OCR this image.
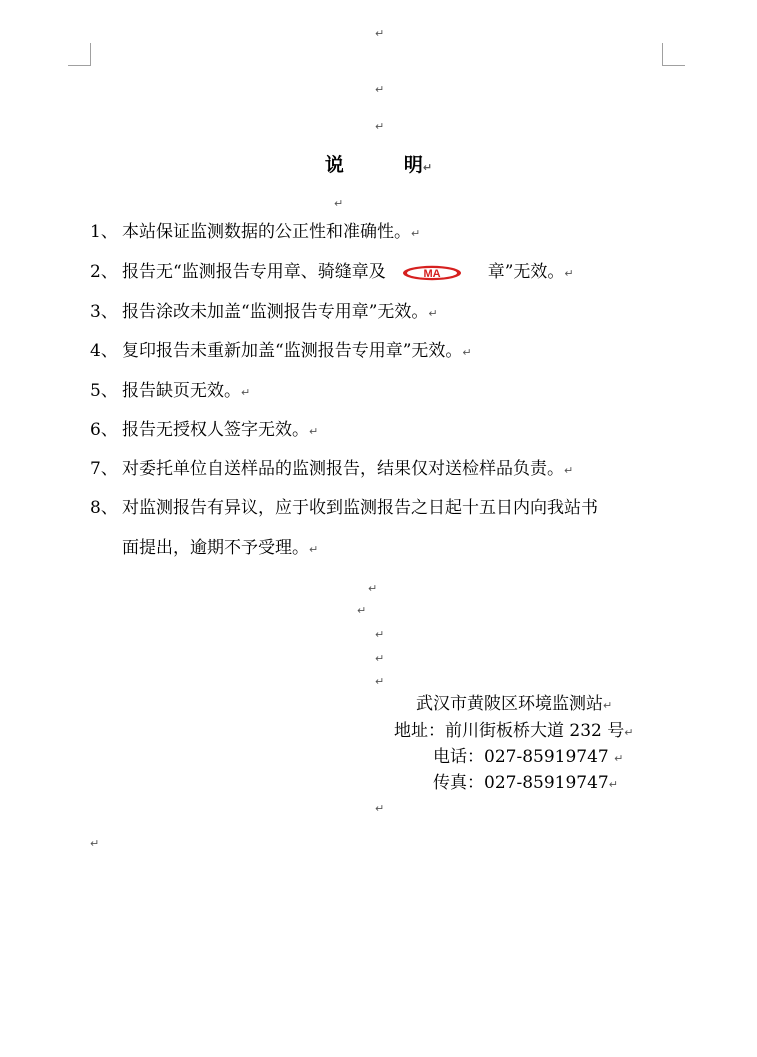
↵
↵
↵
说	明↵
↵
1、 本站保证监测数据的公正性和准确性。↵
2、 报告无“监测报告专用章、骑缝章及	MA	章”无效。↵
3、 报告涂改未加盖“监测报告专用章”无效。↵
4、 复印报告未重新加盖“监测报告专用章”无效。↵
5、 报告缺页无效。↵
6、 报告无授权人签字无效。↵
7、 对委托单位自送样品的监测报告，结果仅对送检样品负责。↵
8、 对监测报告有异议，应于收到监测报告之日起十五日内向我站书
面提出，逾期不予受理。↵
↵
↵
↵
↵
↵
武汉市黄陂区环境监测站↵
地址：前川街板桥大道 232 号↵
电话：027-85919747 ↵
传真：027-85919747↵
↵
↵
